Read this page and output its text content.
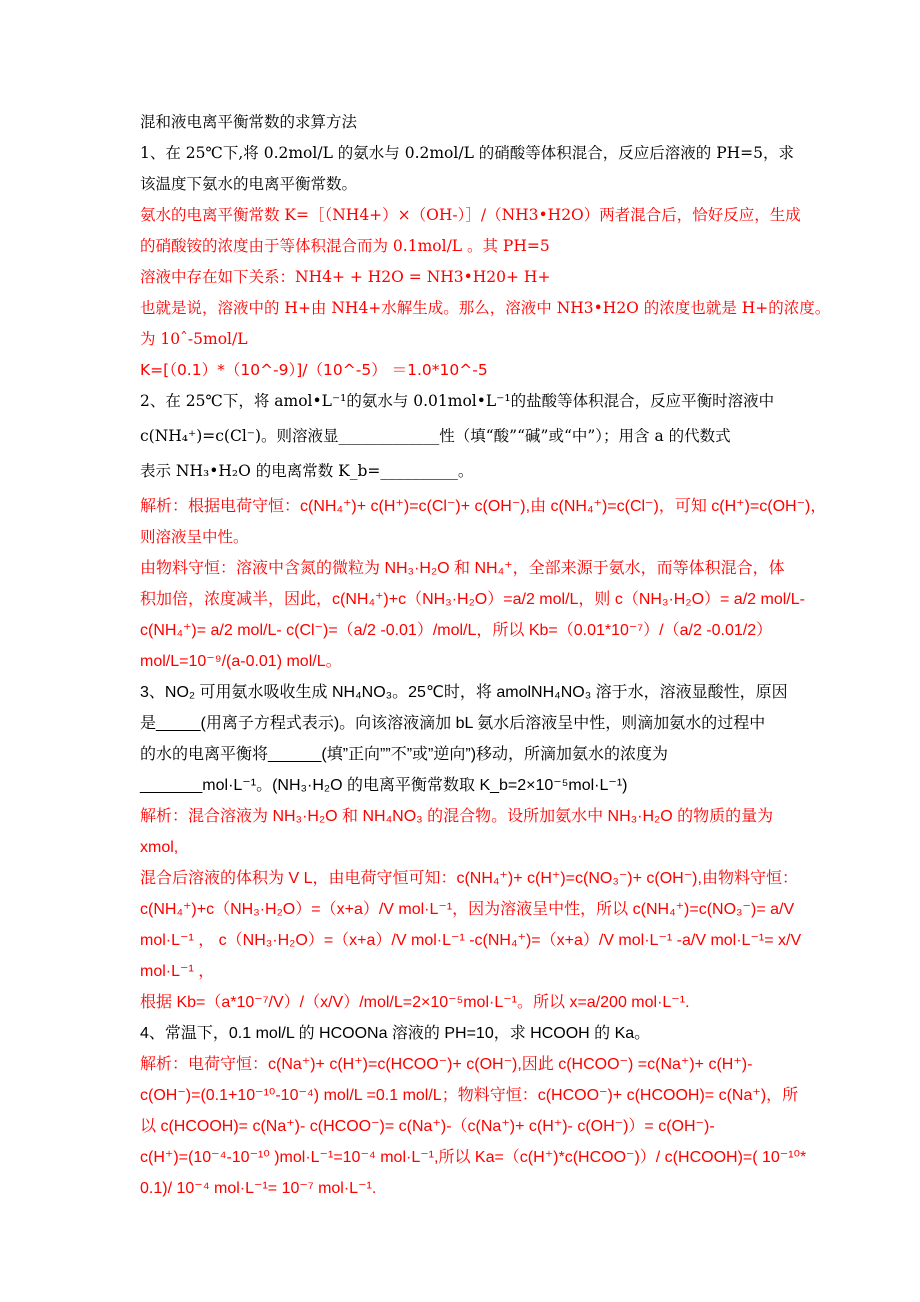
混和液电离平衡常数的求算方法
1、在 25℃下,将 0.2mol/L 的氨水与 0.2mol/L 的硝酸等体积混合，反应后溶液的 PH=5，求
该温度下氨水的电离平衡常数。
氨水的电离平衡常数 K=［（NH4+）×（OH-）］/（NH3•H2O）两者混合后，恰好反应，生成
的硝酸铵的浓度由于等体积混合而为 0.1mol/L 。其 PH=5
溶液中存在如下关系：NH4+ + H2O = NH3•H20+ H+
也就是说，溶液中的 H+由 NH4+水解生成。那么，溶液中 NH3•H2O 的浓度也就是 H+的浓度。
为 10ˆ-5mol/L
K=[（0.1）*（10^-9）]/（10^-5） ＝1.0*10^-5
2、在 25℃下，将 amol•L⁻¹的氨水与 0.01mol•L⁻¹的盐酸等体积混合，反应平衡时溶液中
c(NH₄⁺)=c(Cl⁻)。则溶液显_____________性（填“酸”“碱”或“中”）；用含 a 的代数式
表示 NH₃•H₂O 的电离常数 K_b=__________。
解析：根据电荷守恒：c(NH₄⁺)+ c(H⁺)=c(Cl⁻)+ c(OH⁻),由 c(NH₄⁺)=c(Cl⁻)，可知 c(H⁺)=c(OH⁻)，
则溶液呈中性。
由物料守恒：溶液中含氮的微粒为 NH₃·H₂O 和 NH₄⁺，全部来源于氨水，而等体积混合，体
积加倍，浓度减半，因此，c(NH₄⁺)+c（NH₃·H₂O）=a/2 mol/L，则 c（NH₃·H₂O）= a/2 mol/L-
c(NH₄⁺)= a/2 mol/L- c(Cl⁻)=（a/2 -0.01）/mol/L，所以 Kb=（0.01*10⁻⁷）/（a/2 -0.01/2）
mol/L=10⁻⁹/(a-0.01) mol/L。
3、NO₂ 可用氨水吸收生成 NH₄NO₃。25℃时，将 amolNH₄NO₃ 溶于水，溶液显酸性，原因
是_____(用离子方程式表示)。向该溶液滴加 bL 氨水后溶液呈中性，则滴加氨水的过程中
的水的电离平衡将______(填”正向””不”或”逆向”)移动，所滴加氨水的浓度为
_______mol·L⁻¹。(NH₃·H₂O 的电离平衡常数取 K_b=2×10⁻⁵mol·L⁻¹)
解析：混合溶液为 NH₃·H₂O 和 NH₄NO₃ 的混合物。设所加氨水中 NH₃·H₂O 的物质的量为
xmol,
混合后溶液的体积为 V L，由电荷守恒可知：c(NH₄⁺)+ c(H⁺)=c(NO₃⁻)+ c(OH⁻),由物料守恒：
c(NH₄⁺)+c（NH₃·H₂O）=（x+a）/V mol·L⁻¹，因为溶液呈中性，所以 c(NH₄⁺)=c(NO₃⁻)= a/V
mol·L⁻¹ ， c（NH₃·H₂O）=（x+a）/V mol·L⁻¹ -c(NH₄⁺)=（x+a）/V mol·L⁻¹ -a/V mol·L⁻¹= x/V
mol·L⁻¹ ，
根据 Kb=（a*10⁻⁷/V）/（x/V）/mol/L=2×10⁻⁵mol·L⁻¹。所以 x=a/200 mol·L⁻¹.
4、常温下，0.1 mol/L 的 HCOONa 溶液的 PH=10，求 HCOOH 的 Ka。
解析：电荷守恒：c(Na⁺)+ c(H⁺)=c(HCOO⁻)+ c(OH⁻),因此 c(HCOO⁻) =c(Na⁺)+ c(H⁺)-
c(OH⁻)=(0.1+10⁻¹⁰-10⁻⁴) mol/L =0.1 mol/L；物料守恒：c(HCOO⁻)+ c(HCOOH)= c(Na⁺)，所
以 c(HCOOH)= c(Na⁺)- c(HCOO⁻)= c(Na⁺)-（c(Na⁺)+ c(H⁺)- c(OH⁻)）= c(OH⁻)-
c(H⁺)=(10⁻⁴-10⁻¹⁰ )mol·L⁻¹=10⁻⁴ mol·L⁻¹,所以 Ka=（c(H⁺)*c(HCOO⁻)）/ c(HCOOH)=( 10⁻¹⁰*
0.1)/ 10⁻⁴ mol·L⁻¹= 10⁻⁷ mol·L⁻¹.
